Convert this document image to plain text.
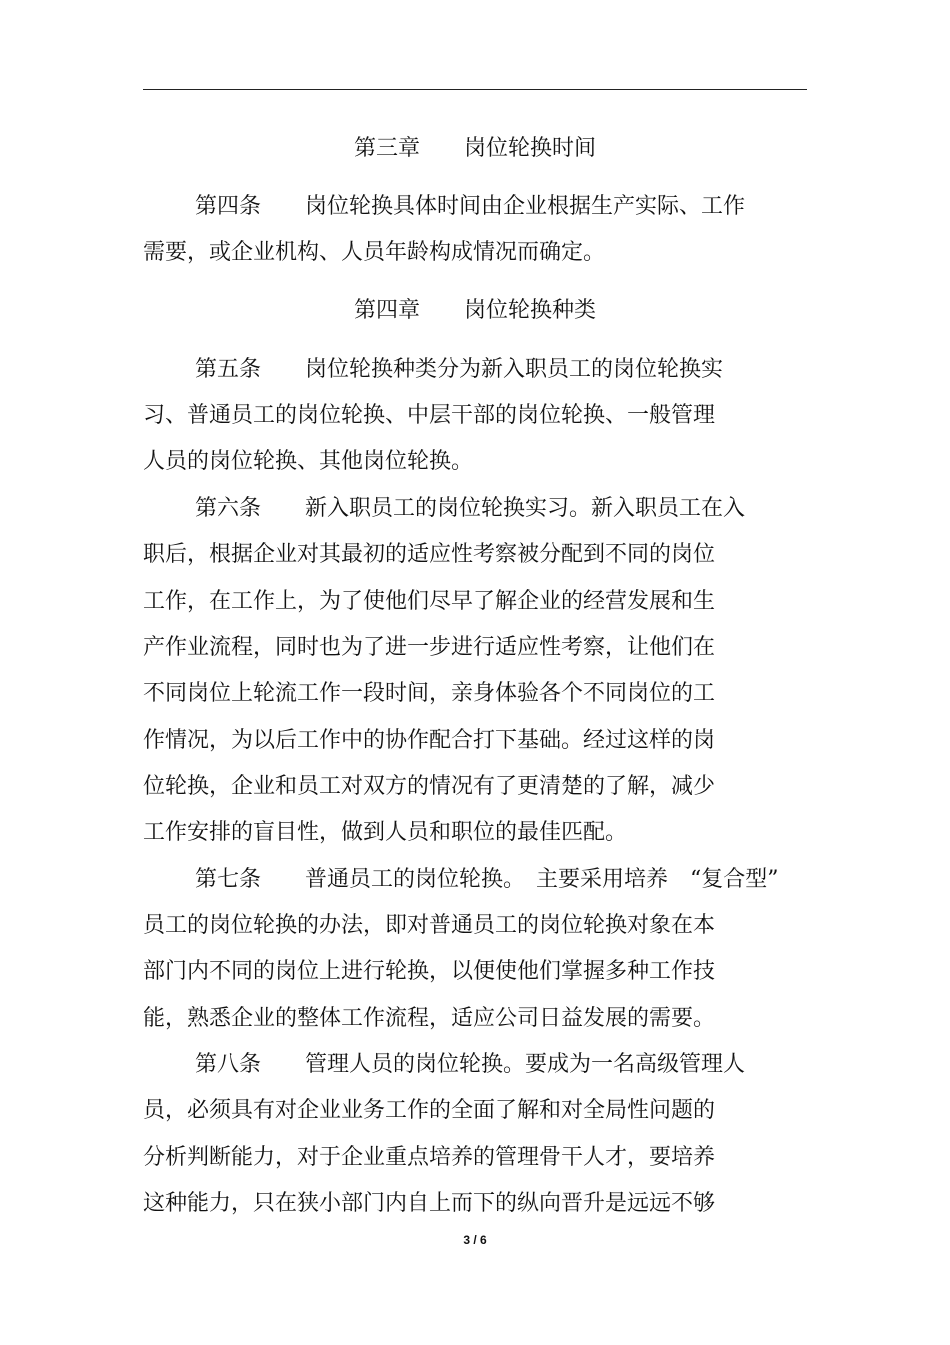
第三章　　岗位轮换时间
第四条　　岗位轮换具体时间由企业根据生产实际、工作
需要，或企业机构、人员年龄构成情况而确定。
第四章　　岗位轮换种类
第五条　　岗位轮换种类分为新入职员工的岗位轮换实
习、普通员工的岗位轮换、中层干部的岗位轮换、一般管理
人员的岗位轮换、其他岗位轮换。
第六条　　新入职员工的岗位轮换实习。新入职员工在入
职后，根据企业对其最初的适应性考察被分配到不同的岗位
工作，在工作上，为了使他们尽早了解企业的经营发展和生
产作业流程，同时也为了进一步进行适应性考察，让他们在
不同岗位上轮流工作一段时间，亲身体验各个不同岗位的工
作情况，为以后工作中的协作配合打下基础。经过这样的岗
位轮换，企业和员工对双方的情况有了更清楚的了解，减少
工作安排的盲目性，做到人员和职位的最佳匹配。
第七条　　普通员工的岗位轮换。　主要采用培养　“复合型”
员工的岗位轮换的办法，即对普通员工的岗位轮换对象在本
部门内不同的岗位上进行轮换，以便使他们掌握多种工作技
能，熟悉企业的整体工作流程，适应公司日益发展的需要。
第八条　　管理人员的岗位轮换。要成为一名高级管理人
员，必须具有对企业业务工作的全面了解和对全局性问题的
分析判断能力，对于企业重点培养的管理骨干人才，要培养
这种能力，只在狭小部门内自上而下的纵向晋升是远远不够
3 / 6
